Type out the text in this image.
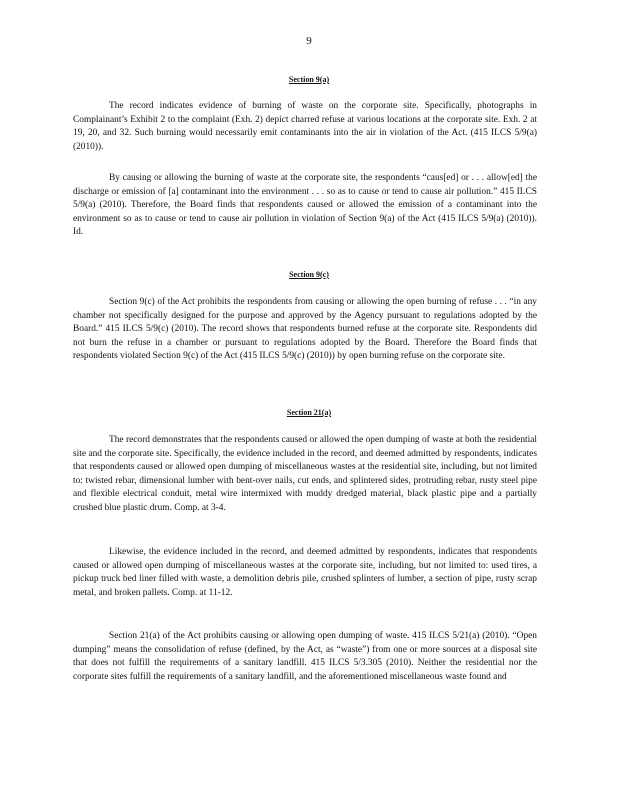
9
Section 9(a)

The record indicates evidence of burning of waste on the corporate site. Specifically, photographs in Complainant’s Exhibit 2 to the complaint (Exh. 2) depict charred refuse at various locations at the corporate site. Exh. 2 at 19, 20, and 32. Such burning would necessarily emit contaminants into the air in violation of the Act. (415 ILCS 5/9(a) (2010)).

By causing or allowing the burning of waste at the corporate site, the respondents “caus[ed] or . . . allow[ed] the discharge or emission of [a] contaminant into the environment . . . so as to cause or tend to cause air pollution.” 415 ILCS 5/9(a) (2010). Therefore, the Board finds that respondents caused or allowed the emission of a contaminant into the environment so as to cause or tend to cause air pollution in violation of Section 9(a) of the Act (415 ILCS 5/9(a) (2010)). Id.

Section 9(c)

Section 9(c) of the Act prohibits the respondents from causing or allowing the open burning of refuse . . . “in any chamber not specifically designed for the purpose and approved by the Agency pursuant to regulations adopted by the Board.” 415 ILCS 5/9(c) (2010). The record shows that respondents burned refuse at the corporate site. Respondents did not burn the refuse in a chamber or pursuant to regulations adopted by the Board. Therefore the Board finds that respondents violated Section 9(c) of the Act (415 ILCS 5/9(c) (2010)) by open burning refuse on the corporate site.

Section 21(a)

The record demonstrates that the respondents caused or allowed the open dumping of waste at both the residential site and the corporate site. Specifically, the evidence included in the record, and deemed admitted by respondents, indicates that respondents caused or allowed open dumping of miscellaneous wastes at the residential site, including, but not limited to: twisted rebar, dimensional lumber with bent-over nails, cut ends, and splintered sides, protruding rebar, rusty steel pipe and flexible electrical conduit, metal wire intermixed with muddy dredged material, black plastic pipe and a partially crushed blue plastic drum. Comp. at 3-4.

Likewise, the evidence included in the record, and deemed admitted by respondents, indicates that respondents caused or allowed open dumping of miscellaneous wastes at the corporate site, including, but not limited to: used tires, a pickup truck bed liner filled with waste, a demolition debris pile, crushed splinters of lumber, a section of pipe, rusty scrap metal, and broken pallets. Comp. at 11-12.

Section 21(a) of the Act prohibits causing or allowing open dumping of waste. 415 ILCS 5/21(a) (2010). “Open dumping” means the consolidation of refuse (defined, by the Act, as “waste”) from one or more sources at a disposal site that does not fulfill the requirements of a sanitary landfill. 415 ILCS 5/3.305 (2010). Neither the residential nor the corporate sites fulfill the requirements of a sanitary landfill, and the aforementioned miscellaneous waste found and
